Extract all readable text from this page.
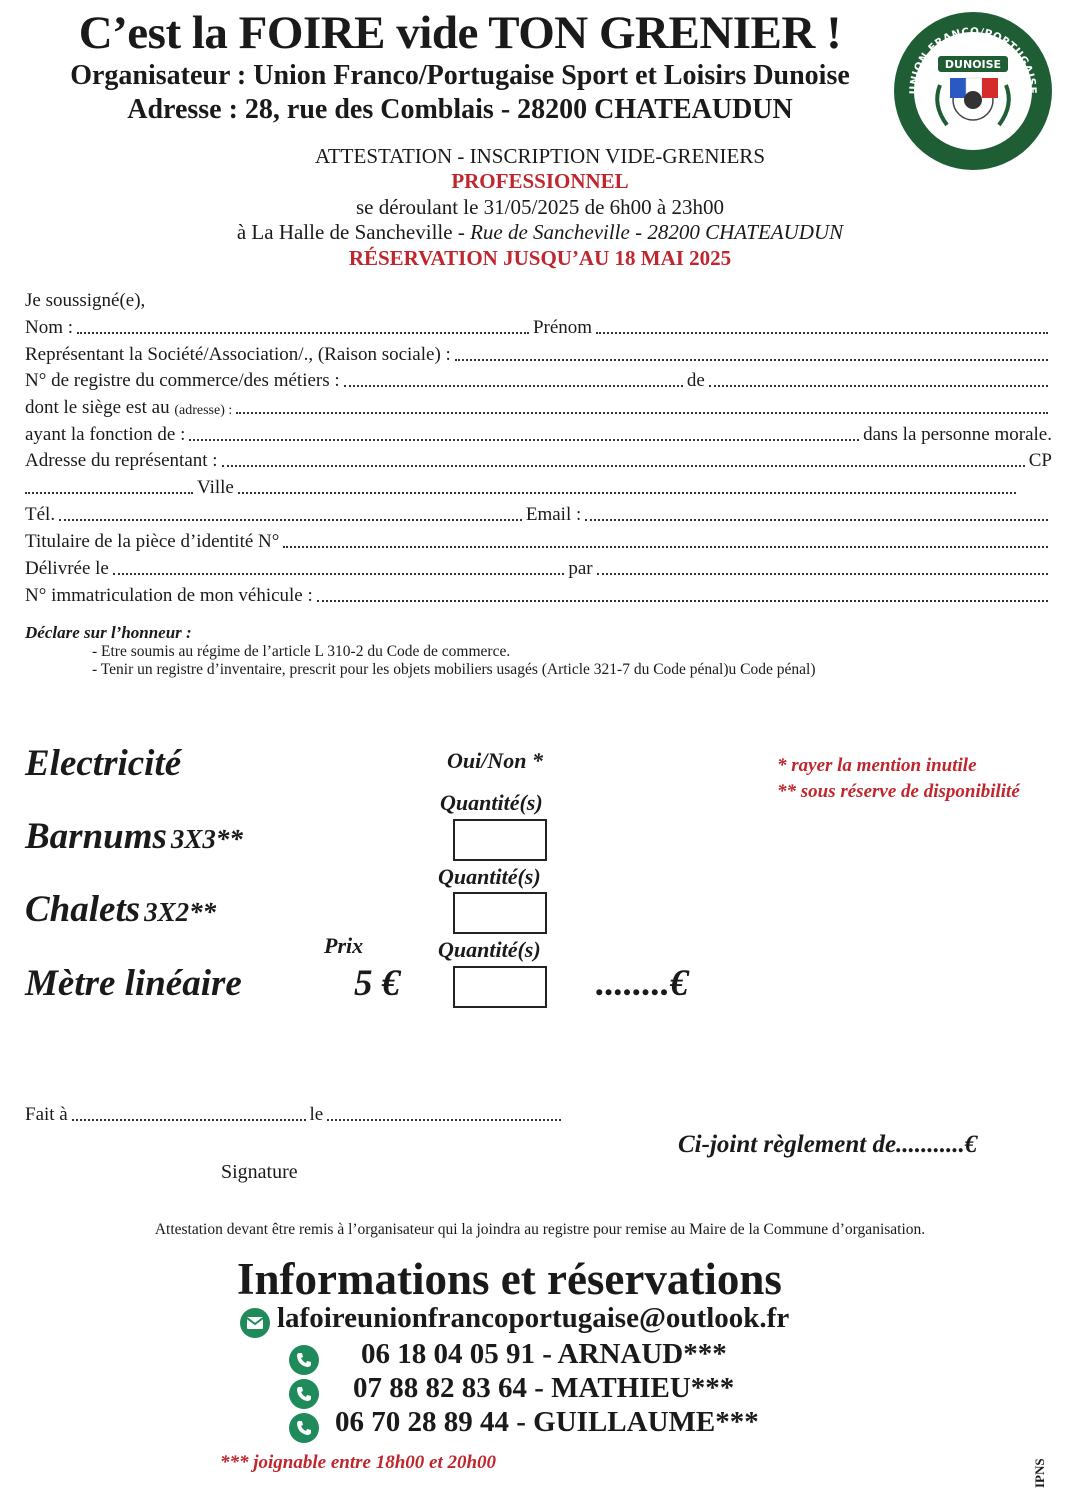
C’est la FOIRE vide TON GRENIER !
Organisateur : Union Franco/Portugaise Sport et Loisirs Dunoise
Adresse : 28, rue des Comblais - 28200 CHATEAUDUN
UNION FRANCO/PORTUGAISE
DUNOISE
SPORT & LOISIRS
ATTESTATION - INSCRIPTION VIDE-GRENIERS
PROFESSIONNEL
se déroulant le 31/05/2025 de 6h00 à 23h00
à La Halle de Sancheville - Rue de Sancheville - 28200 CHATEAUDUN
RÉSERVATION JUSQU’AU 18 MAI 2025
Je soussigné(e),
Nom :	Prénom
Représentant la Société/Association/., (Raison sociale) :
N° de registre du commerce/des métiers :	de
dont le siège est au
(adresse) :
ayant la fonction de :	dans la personne morale.
Adresse du représentant :	CP
Ville
Tél.	Email :
Titulaire de la pièce d’identité N°
Délivrée le	par
N° immatriculation de mon véhicule :
Déclare sur l’honneur :
- Etre soumis au régime de l’article L 310-2 du Code de commerce.
- Tenir un registre d’inventaire, prescrit pour les objets mobiliers usagés (Article 321-7 du Code pénal)u Code pénal)
Electricité	Oui/Non *	* rayer la mention inutile
** sous réserve de disponibilité
Quantité(s)
Barnums 3X3**
Quantité(s)
Chalets 3X2**
Prix	Quantité(s)
Mètre linéaire	5 €	........€
Fait à	le
Ci-joint règlement de...........€
Signature
Attestation devant être remis à l’organisateur qui la joindra au registre pour remise au Maire de la Commune d’organisation.
Informations et réservations
lafoireunionfrancoportugaise@outlook.fr
06 18 04 05 91 - ARNAUD***
07 88 82 83 64 - MATHIEU***
06 70 28 89 44 - GUILLAUME***
*** joignable entre 18h00 et 20h00	IPNS
